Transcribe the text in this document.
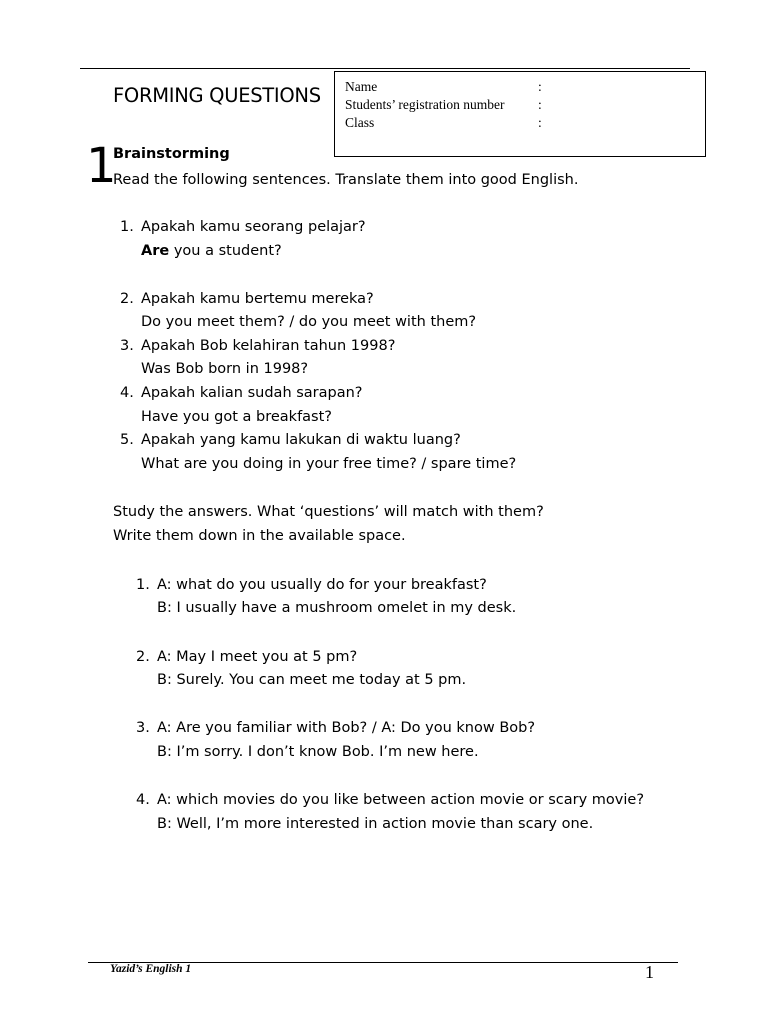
FORMING QUESTIONS Name	:
Students’ registration number :
Class	:
1
Brainstorming
Read the following sentences. Translate them into good English.
1. Apakah kamu seorang pelajar?
Are you a student?
2. Apakah kamu bertemu mereka?
Do you meet them? / do you meet with them?
3. Apakah Bob kelahiran tahun 1998?
Was Bob born in 1998?
4. Apakah kalian sudah sarapan?
Have you got a breakfast?
5. Apakah yang kamu lakukan di waktu luang?
What are you doing in your free time? / spare time?
Study the answers. What ‘questions’ will match with them?
Write them down in the available space.
1. A: what do you usually do for your breakfast?
B: I usually have a mushroom omelet in my desk.
2. A: May I meet you at 5 pm?
B: Surely. You can meet me today at 5 pm.
3. A: Are you familiar with Bob? / A: Do you know Bob?
B: I’m sorry. I don’t know Bob. I’m new here.
4. A: which movies do you like between action movie or scary movie?
B: Well, I’m more interested in action movie than scary one.
Yazid’s English 1	1
